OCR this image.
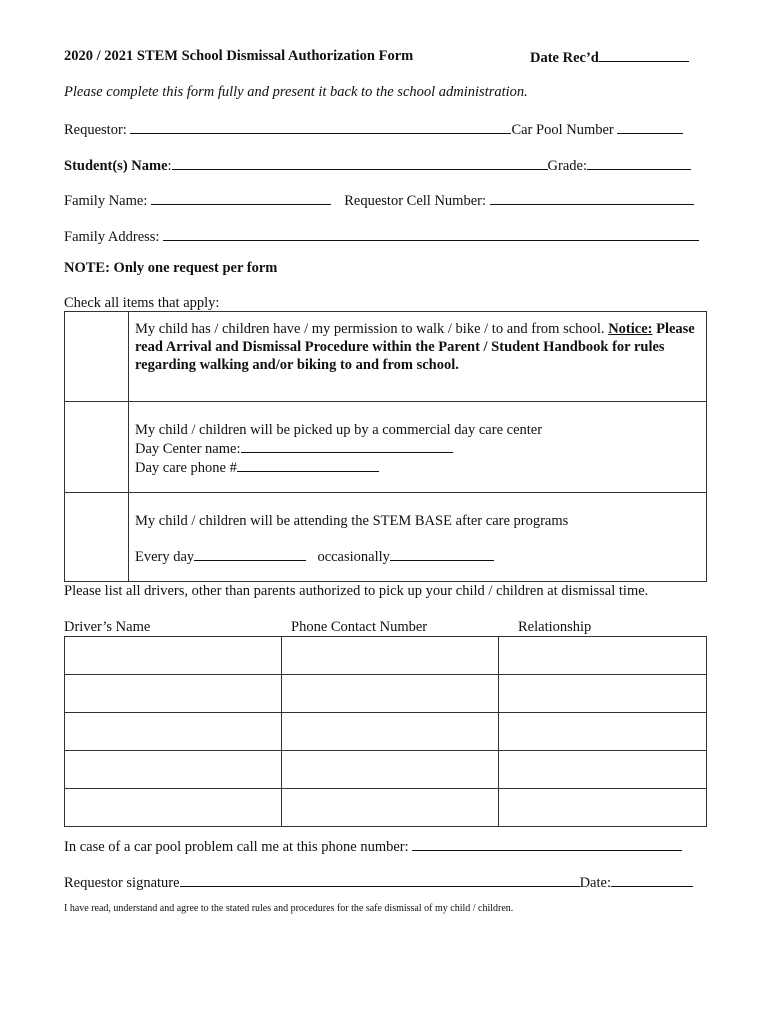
2020 / 2021 STEM School Dismissal Authorization Form	Date Rec’d
Please complete this form fully and present it back to the school administration.
Requestor:	Car Pool Number
Student(s) Name:	Grade:
Family Name:	Requestor Cell Number:
Family Address:
NOTE: Only one request per form
Check all items that apply:
	My child has / children have / my permission to walk / bike / to and from school. Notice: Please read Arrival and Dismissal Procedure within the Parent / Student Handbook for rules regarding walking and/or biking to and from school.

	My child / children will be picked up by a commercial day care center
Day Center name:
Day care phone #

	My child / children will be attending the STEM BASE after care programs
Every day occasionally
Please list all drivers, other than parents authorized to pick up your child / children at dismissal time.
Driver’s Name	Phone Contact Number	Relationship

In case of a car pool problem call me at this phone number:
Requestor signature	Date:
I have read, understand and agree to the stated rules and procedures for the safe dismissal of my child / children.
